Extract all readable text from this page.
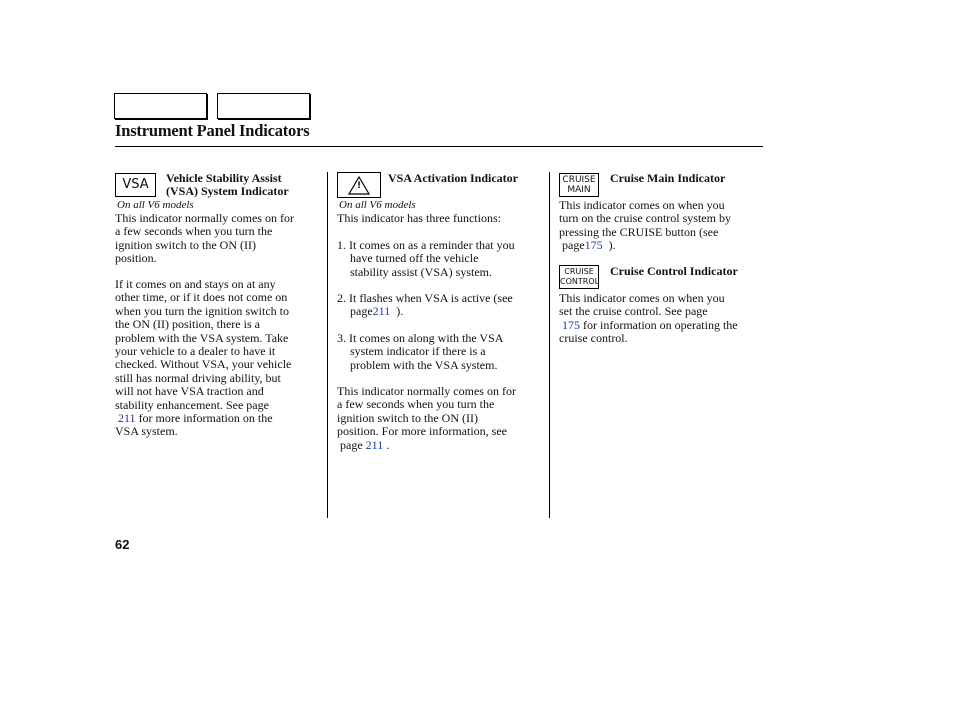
Instrument Panel Indicators
VSA	Vehicle Stability Assist
(VSA) System Indicator
On all V6 models
This indicator normally comes on for
a few seconds when you turn the
ignition switch to the ON (II)
position.
If it comes on and stays on at any
other time, or if it does not come on
when you turn the ignition switch to
the ON (II) position, there is a
problem with the VSA system. Take
your vehicle to a dealer to have it
checked. Without VSA, your vehicle
still has normal driving ability, but
will not have VSA traction and
stability enhancement. See page
211 for more information on the
VSA system.
!
VSA Activation Indicator
On all V6 models
This indicator has three functions:
1. It comes on as a reminder that you
have turned off the vehicle
stability assist (VSA) system.
2. It flashes when VSA is active (see
page211 ).
3. It comes on along with the VSA
system indicator if there is a
problem with the VSA system.
This indicator normally comes on for
a few seconds when you turn the
ignition switch to the ON (II)
position. For more information, see
page 211 .
CRUISE
MAIN
Cruise Main Indicator
This indicator comes on when you
turn on the cruise control system by
pressing the CRUISE button (see
page175 ).
CRUISE
CONTROL
Cruise Control Indicator
This indicator comes on when you
set the cruise control. See page
175 for information on operating the
cruise control.
62
